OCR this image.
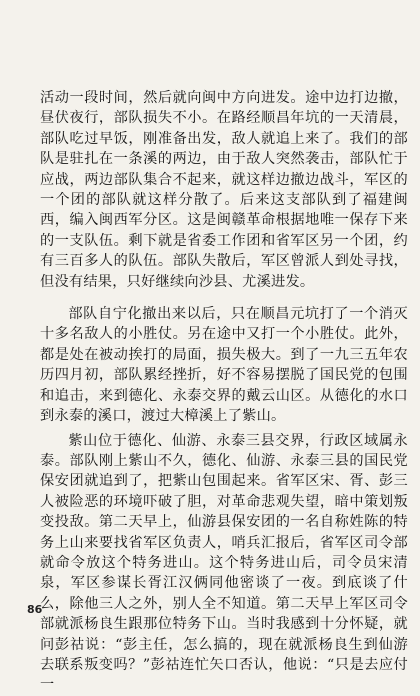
活动一段时间，然后就向闽中方向进发。途中边打边撤，昼伏夜行，部队损失不小。在路经顺昌年坑的一天清晨，部队吃过早饭，刚准备出发，敌人就追上来了。我们的部队是驻扎在一条溪的两边，由于敌人突然袭击，部队忙于应战，两边部队集合不起来，就这样边撤边战斗，军区的一个团的部队就这样分散了。后来这支部队到了福建闽西，编入闽西军分区。这是闽赣革命根据地唯一保存下来的一支队伍。剩下就是省委工作团和省军区另一个团，约有三百多人的队伍。部队失散后，军区曾派人到处寻找，但没有结果，只好继续向沙县、尤溪进发。

部队自宁化撤出来以后，只在顺昌元坑打了一个消灭十多名敌人的小胜仗。另在途中又打一个小胜仗。此外，都是处在被动挨打的局面，损失极大。到了一九三五年农历四月初，部队累经挫折，好不容易摆脱了国民党的包围和追击，来到德化、永泰交界的戴云山区。从德化的水口到永泰的溪口，渡过大樟溪上了紫山。

紫山位于德化、仙游、永泰三县交界，行政区域属永泰。部队刚上紫山不久，德化、仙游、永泰三县的国民党保安团就追到了，把紫山包围起来。省军区宋、胥、彭三人被险恶的环境吓破了胆，对革命悲观失望，暗中策划叛变投敌。第二天早上，仙游县保安团的一名自称姓陈的特务上山来要找省军区负责人，哨兵汇报后，省军区司令部就命令放这个特务进山。这个特务进山后，司令员宋清泉，军区参谋长胥江汉俩同他密谈了一夜。到底谈了什么，除他三人之外，别人全不知道。第二天早上军区司令部就派杨良生跟那位特务下山。当时我感到十分怀疑，就问彭祜说：“彭主任，怎么搞的，现在就派杨良生到仙游去联系叛变吗？”彭祜连忙矢口否认，他说：“只是去应付一

86
